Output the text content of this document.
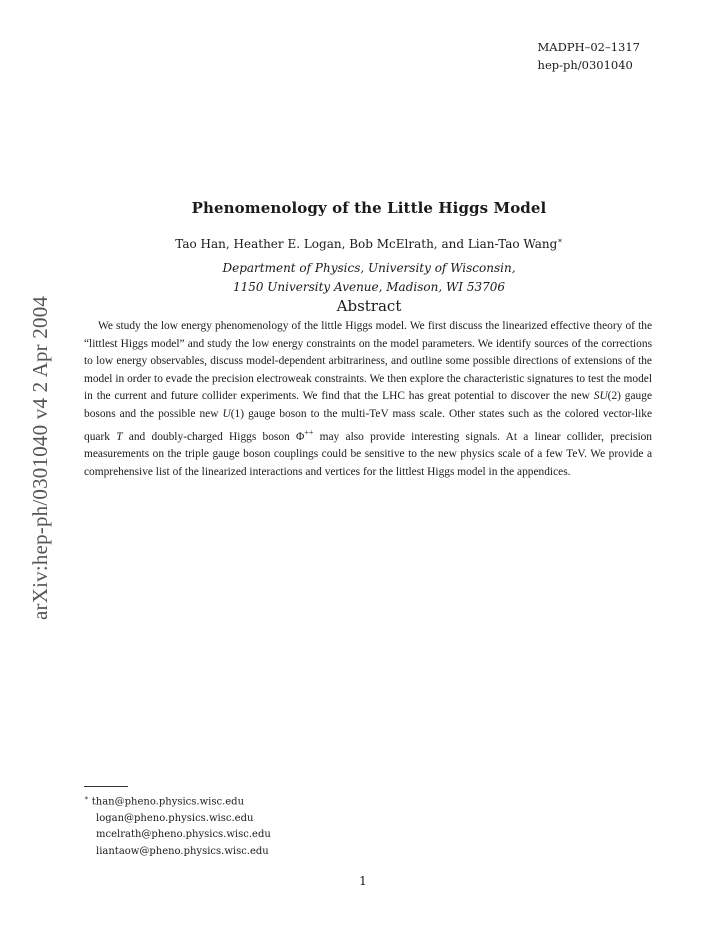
MADPH–02–1317
hep-ph/0301040
arXiv:hep-ph/0301040 v4 2 Apr 2004
Phenomenology of the Little Higgs Model
Tao Han, Heather E. Logan, Bob McElrath, and Lian-Tao Wang∗
Department of Physics, University of Wisconsin,
1150 University Avenue, Madison, WI 53706
Abstract

We study the low energy phenomenology of the little Higgs model. We first discuss the linearized effective theory of the “littlest Higgs model” and study the low energy constraints on the model parameters. We identify sources of the corrections to low energy observables, discuss model-dependent arbitrariness, and outline some possible directions of extensions of the model in order to evade the precision electroweak constraints. We then explore the characteristic signatures to test the model in the current and future collider experiments. We find that the LHC has great potential to discover the new SU(2) gauge bosons and the possible new U(1) gauge boson to the multi-TeV mass scale. Other states such as the colored vector-like quark T and doubly-charged Higgs boson Φ++ may also provide interesting signals. At a linear collider, precision measurements on the triple gauge boson couplings could be sensitive to the new physics scale of a few TeV. We provide a comprehensive list of the linearized interactions and vertices for the littlest Higgs model in the appendices.

∗ than@pheno.physics.wisc.edu
logan@pheno.physics.wisc.edu
mcelrath@pheno.physics.wisc.edu
liantaow@pheno.physics.wisc.edu
1
